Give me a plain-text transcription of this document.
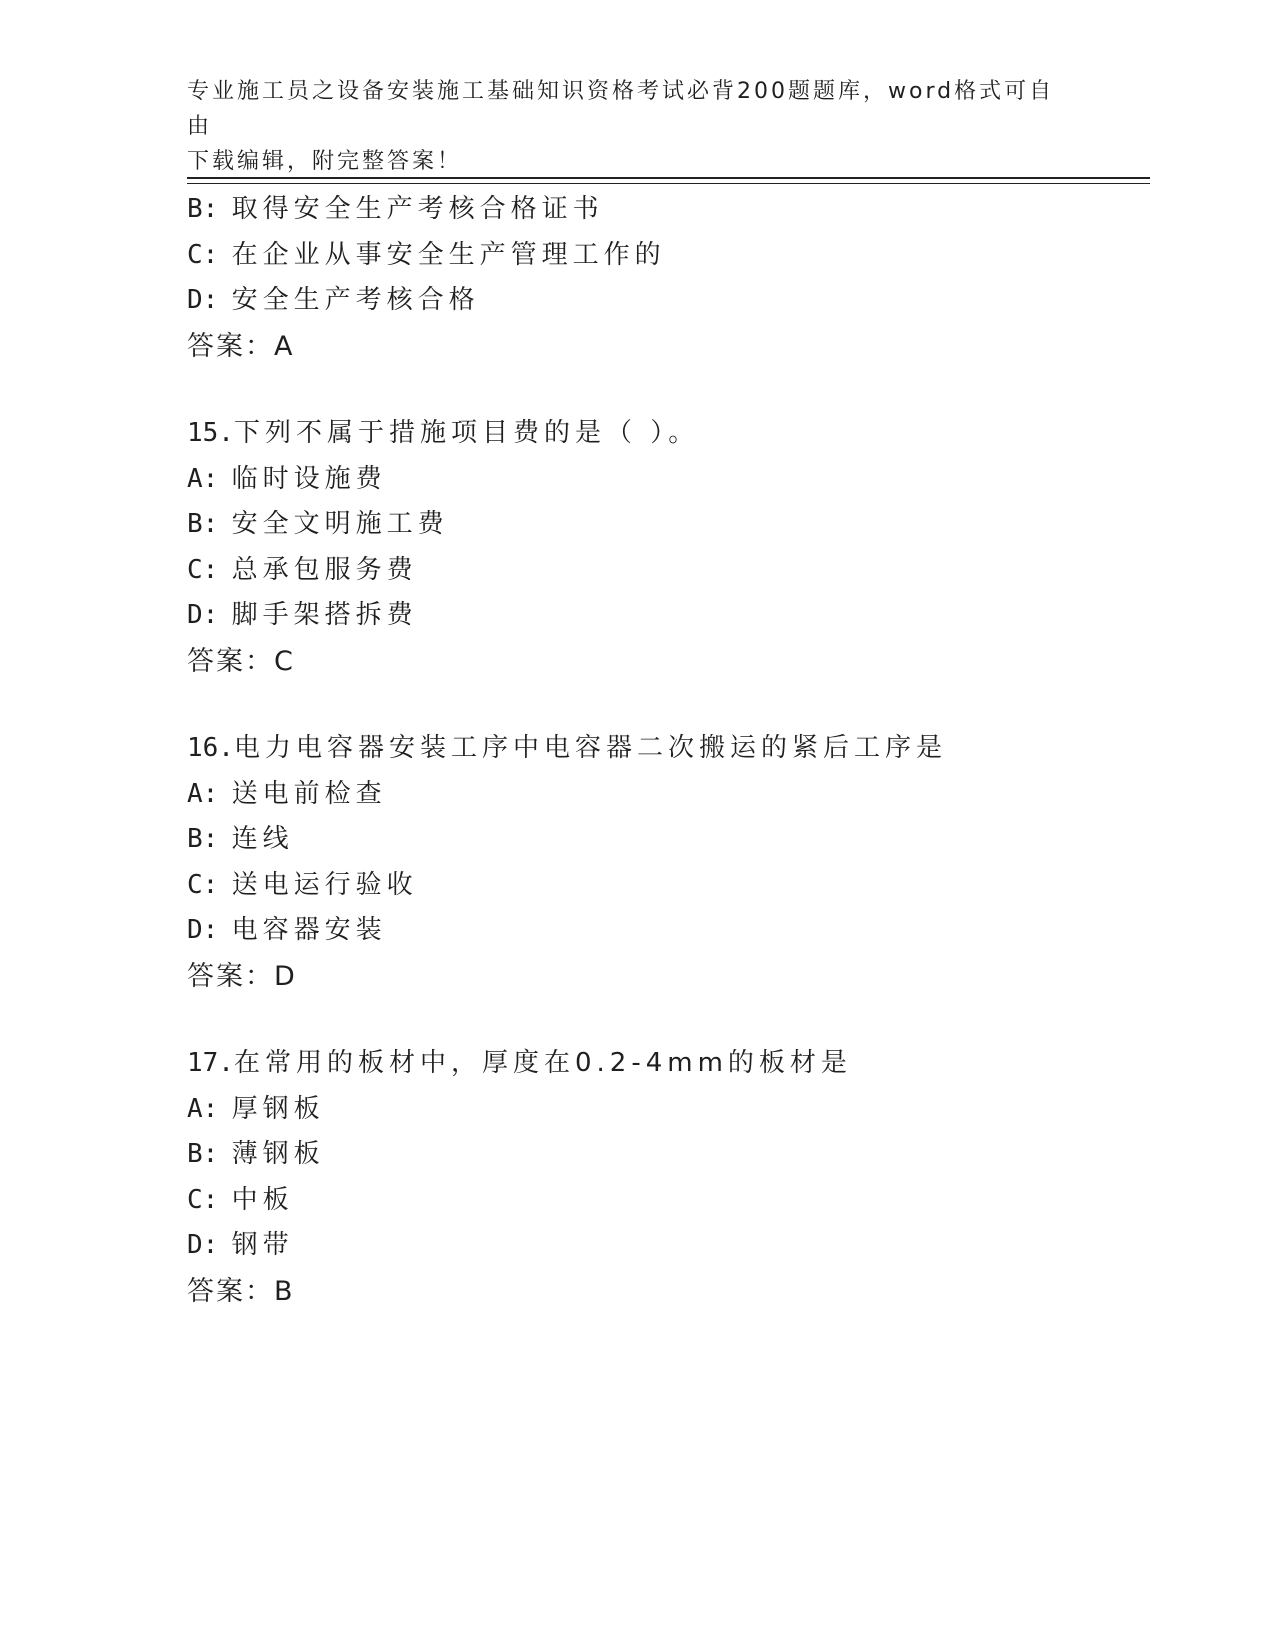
专业施工员之设备安装施工基础知识资格考试必背200题题库，word格式可自由
下载编辑，附完整答案！
B: 取得安全生产考核合格证书
C: 在企业从事安全生产管理工作的
D: 安全生产考核合格
答案：A
15.下列不属于措施项目费的是（ ）。
A: 临时设施费
B: 安全文明施工费
C: 总承包服务费
D: 脚手架搭拆费
答案：C
16.电力电容器安装工序中电容器二次搬运的紧后工序是
A: 送电前检查
B: 连线
C: 送电运行验收
D: 电容器安装
答案：D
17.在常用的板材中，厚度在0.2-4mm的板材是
A: 厚钢板
B: 薄钢板
C: 中板
D: 钢带
答案：B
